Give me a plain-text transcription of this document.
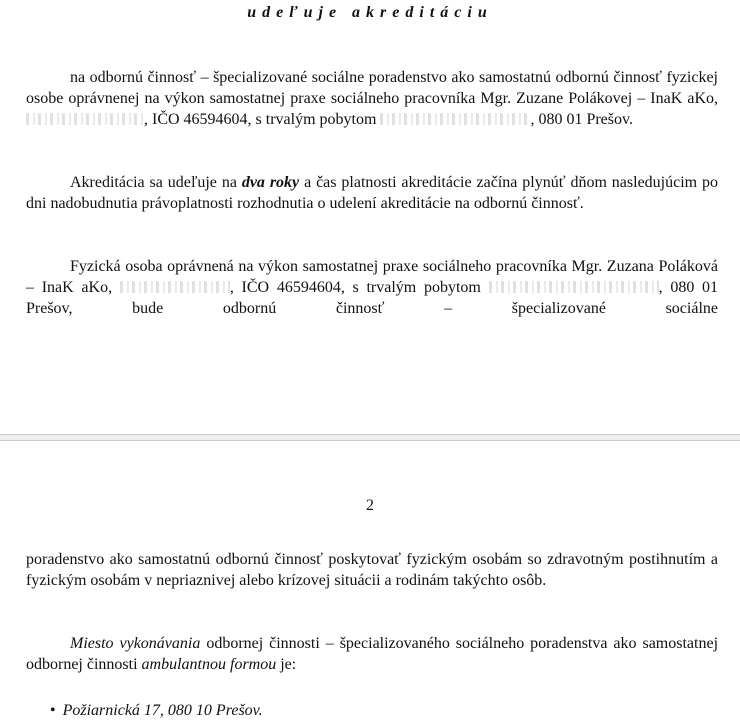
udeľuje akreditáciu

na odbornú činnosť – špecializované sociálne poradenstvo ako samostatnú odbornú činnosť fyzickej osobe oprávnenej na výkon samostatnej praxe sociálneho pracovníka Mgr. Zuzane Polákovej – InaK aKo, , IČO 46594604, s trvalým pobytom	, 080 01 Prešov.

Akreditácia sa udeľuje na dva roky a čas platnosti akreditácie začína plynúť dňom nasledujúcim po dni nadobudnutia právoplatnosti rozhodnutia o udelení akreditácie na odbornú činnosť.

Fyzická osoba oprávnená na výkon samostatnej praxe sociálneho pracovníka Mgr. Zuzana Poláková – InaK aKo,	, IČO 46594604, s trvalým pobytom	, 080 01 Prešov, bude odbornú činnosť – špecializované sociálne

2

poradenstvo ako samostatnú odbornú činnosť poskytovať fyzickým osobám so zdravotným postihnutím a fyzickým osobám v nepriaznivej alebo krízovej situácii a rodinám takýchto osôb.

Miesto vykonávania odbornej činnosti – špecializovaného sociálneho poradenstva ako samostatnej odbornej činnosti ambulantnou formou je:

• Požiarnická 17, 080 10 Prešov.
